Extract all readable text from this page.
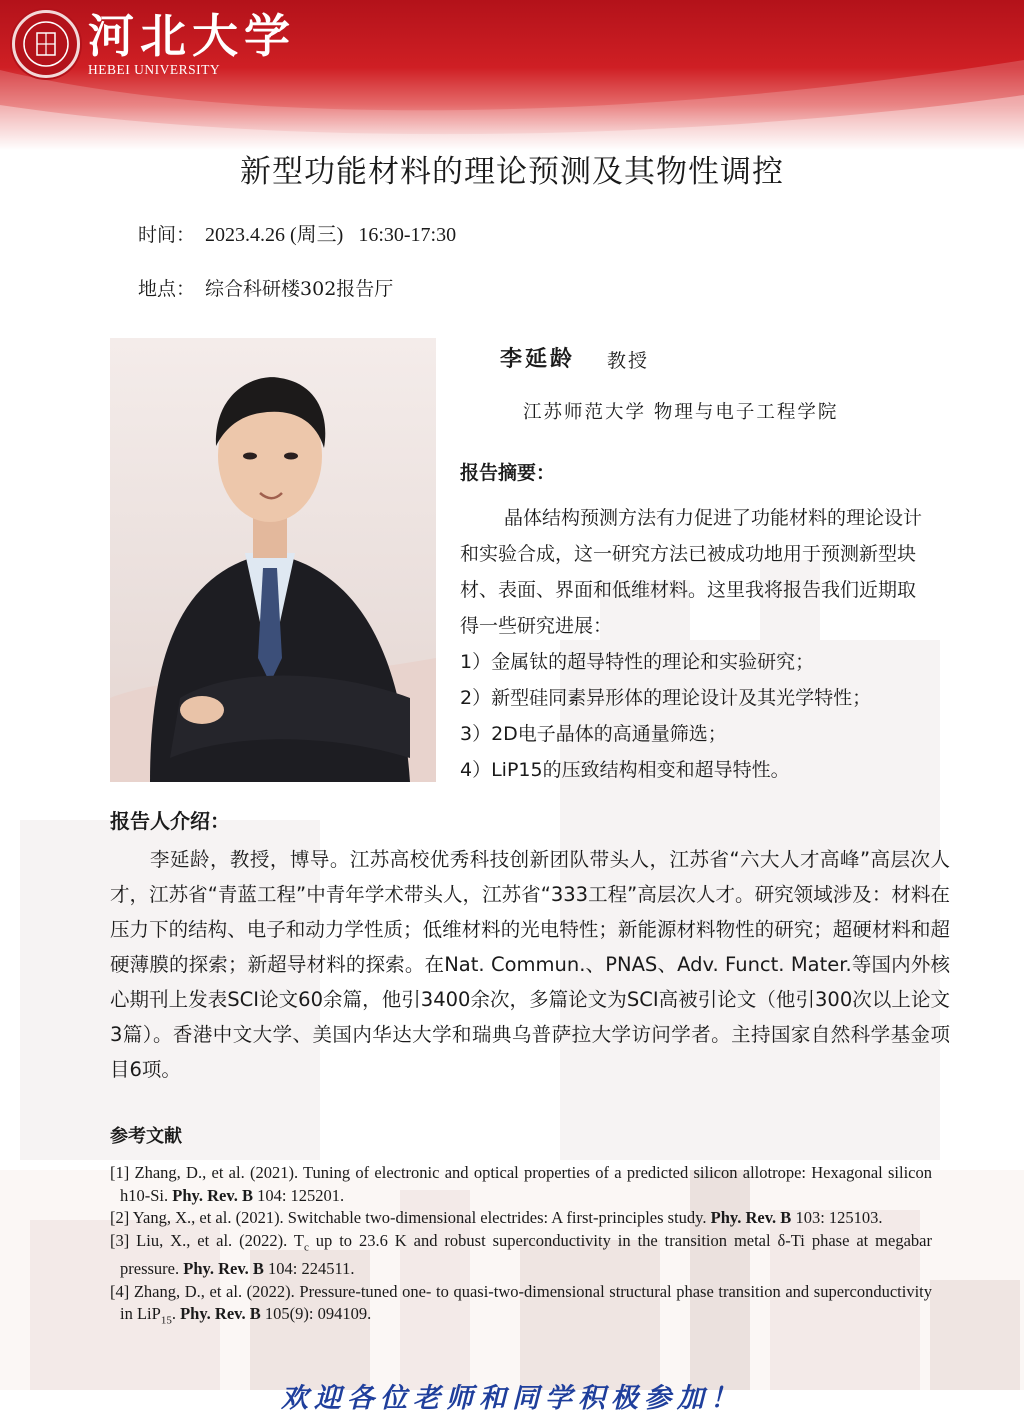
河北大学
HEBEI UNIVERSITY
新型功能材料的理论预测及其物性调控
时间： 2023.4.26 (周三)   16:30-17:30
地点： 综合科研楼302报告厅
李延龄 教授
江苏师范大学 物理与电子工程学院
报告摘要：

晶体结构预测方法有力促进了功能材料的理论设计和实验合成，这一研究方法已被成功地用于预测新型块材、表面、界面和低维材料。这里我将报告我们近期取得一些研究进展：

1）金属钛的超导特性的理论和实验研究；

2）新型硅同素异形体的理论设计及其光学特性；

3）2D电子晶体的高通量筛选；

4）LiP15的压致结构相变和超导特性。

报告人介绍：
李延龄，教授，博导。江苏高校优秀科技创新团队带头人，江苏省“六大人才高峰”高层次人才，江苏省“青蓝工程”中青年学术带头人，江苏省“333工程”高层次人才。研究领域涉及：材料在压力下的结构、电子和动力学性质；低维材料的光电特性；新能源材料物性的研究；超硬材料和超硬薄膜的探索；新超导材料的探索。在Nat. Commun.、PNAS、Adv. Funct. Mater.等国内外核心期刊上发表SCI论文60余篇，他引3400余次，多篇论文为SCI高被引论文（他引300次以上论文3篇）。香港中文大学、美国内华达大学和瑞典乌普萨拉大学访问学者。主持国家自然科学基金项目6项。
参考文献
[1] Zhang, D., et al. (2021). Tuning of electronic and optical properties of a predicted silicon allotrope: Hexagonal silicon h10-Si. Phy. Rev. B 104: 125201.
[2] Yang, X., et al. (2021). Switchable two-dimensional electrides: A first-principles study. Phy. Rev. B 103: 125103.
[3] Liu, X., et al. (2022). $T_c$ up to 23.6 K and robust superconductivity in the transition metal δ-Ti phase at megabar pressure. Phy. Rev. B 104: 224511.
[4] Zhang, D., et al. (2022). Pressure-tuned one- to quasi-two-dimensional structural phase transition and superconductivity in LiP$_{15}$. Phy. Rev. B 105(9): 094109.
欢迎各位老师和同学积极参加！
